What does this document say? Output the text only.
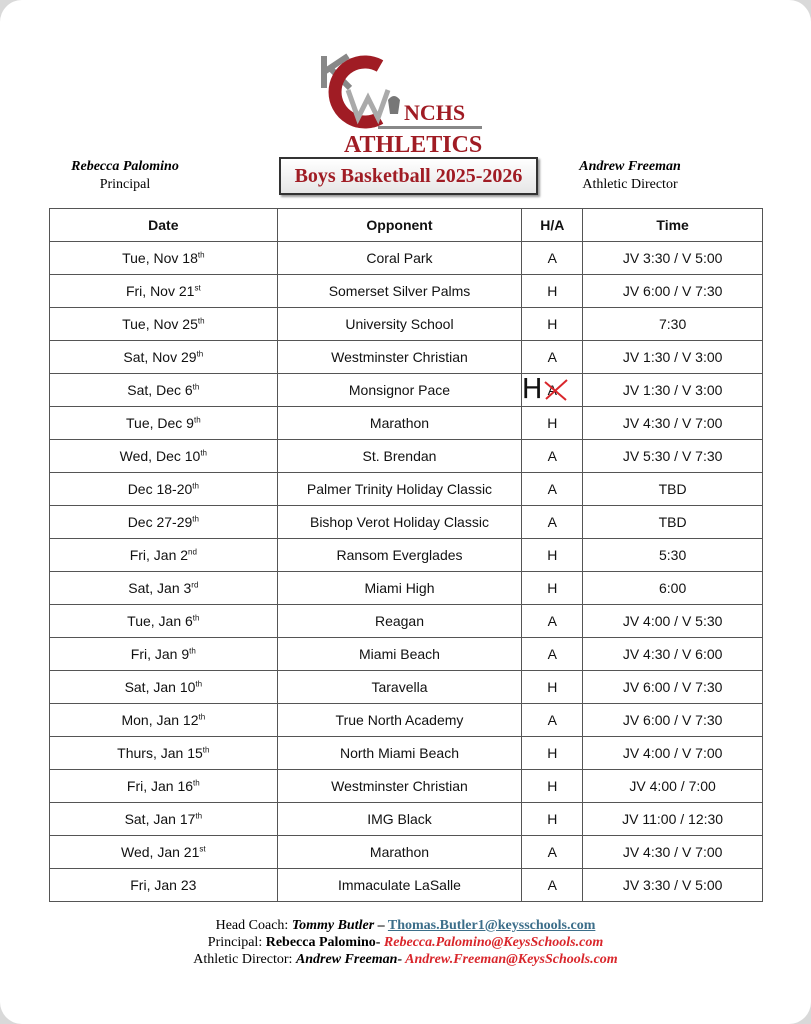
NCHS
ATHLETICS
Rebecca Palomino
Principal	Boys Basketball 2025-2026	Andrew Freeman
Athletic Director
Date	Opponent	H/A	Time
Tue, Nov 18th	Coral Park	A	JV 3:30 / V 5:00
Fri, Nov 21st	Somerset Silver Palms	H	JV 6:00 / V 7:30
Tue, Nov 25th	University School	H	7:30
Sat, Nov 29th	Westminster Christian	A	JV 1:30 / V 3:00
Sat, Dec 6th	Monsignor Pace	H A	JV 1:30 / V 3:00
Tue, Dec 9th	Marathon	H	JV 4:30 / V 7:00
Wed, Dec 10th	St. Brendan	A	JV 5:30 / V 7:30
Dec 18-20th	Palmer Trinity Holiday Classic	A	TBD
Dec 27-29th	Bishop Verot Holiday Classic	A	TBD
Fri, Jan 2nd	Ransom Everglades	H	5:30
Sat, Jan 3rd	Miami High	H	6:00
Tue, Jan 6th	Reagan	A	JV 4:00 / V 5:30
Fri, Jan 9th	Miami Beach	A	JV 4:30 / V 6:00
Sat, Jan 10th	Taravella	H	JV 6:00 / V 7:30
Mon, Jan 12th	True North Academy	A	JV 6:00 / V 7:30
Thurs, Jan 15th	North Miami Beach	H	JV 4:00 / V 7:00
Fri, Jan 16th	Westminster Christian	H	JV 4:00 / 7:00
Sat, Jan 17th	IMG Black	H	JV 11:00 / 12:30
Wed, Jan 21st	Marathon	A	JV 4:30 / V 7:00
Fri, Jan 23	Immaculate LaSalle	A	JV 3:30 / V 5:00
Head Coach: Tommy Butler – Thomas.Butler1@keysschools.com
Principal: Rebecca Palomino- Rebecca.Palomino@KeysSchools.com
Athletic Director: Andrew Freeman- Andrew.Freeman@KeysSchools.com
